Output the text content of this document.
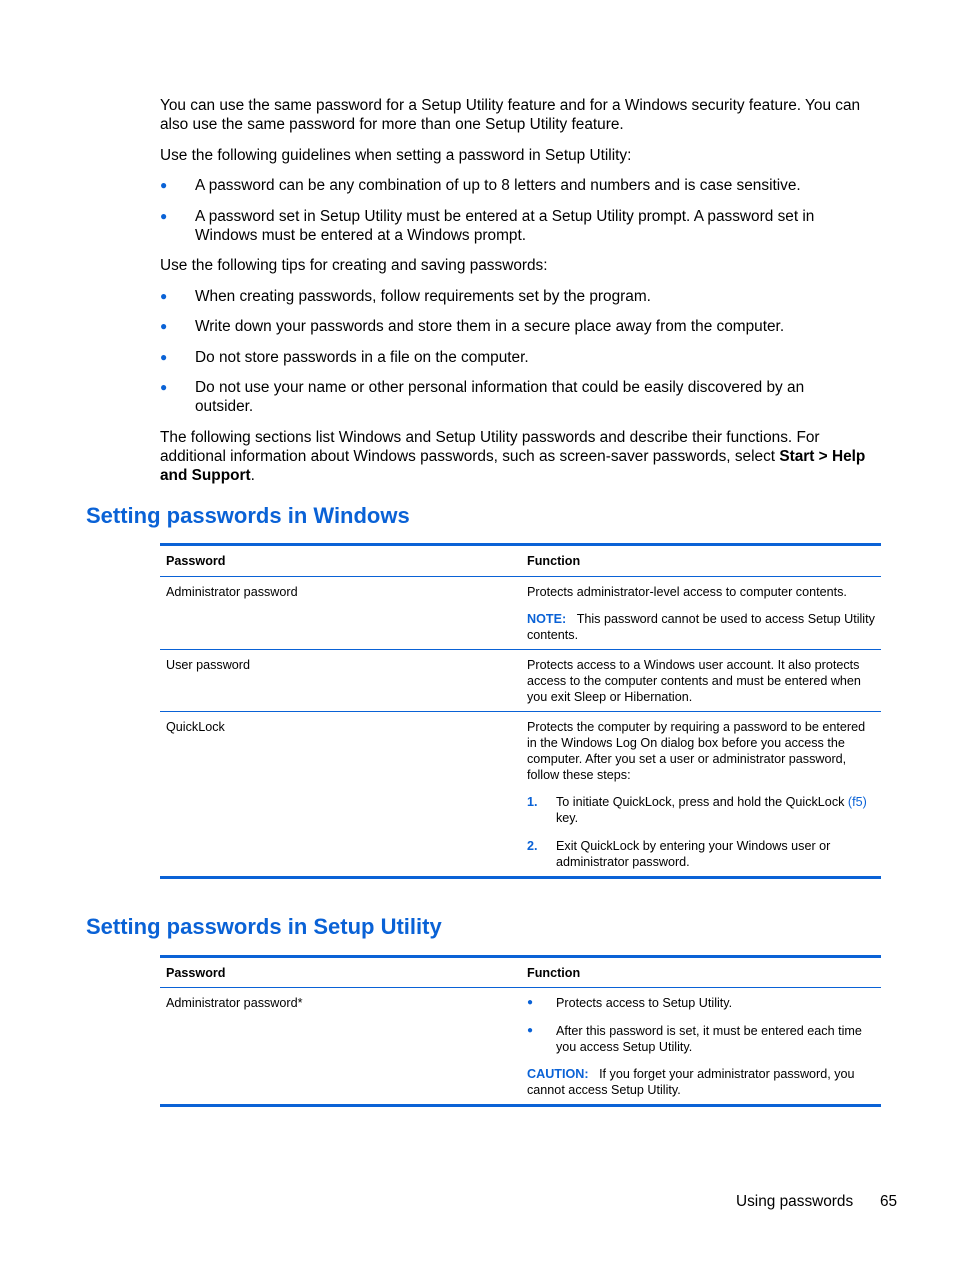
You can use the same password for a Setup Utility feature and for a Windows security feature. You can also use the same password for more than one Setup Utility feature.

Use the following guidelines when setting a password in Setup Utility:

● A password can be any combination of up to 8 letters and numbers and is case sensitive.
● A password set in Setup Utility must be entered at a Setup Utility prompt. A password set in Windows must be entered at a Windows prompt.

Use the following tips for creating and saving passwords:

● When creating passwords, follow requirements set by the program.
● Write down your passwords and store them in a secure place away from the computer.
● Do not store passwords in a file on the computer.
● Do not use your name or other personal information that could be easily discovered by an outsider.

The following sections list Windows and Setup Utility passwords and describe their functions. For additional information about Windows passwords, such as screen-saver passwords, select Start > Help and Support.

Setting passwords in Windows
Password	Function
Administrator password	Protects administrator-level access to computer contents.
NOTE: This password cannot be used to access Setup Utility contents.
User password	Protects access to a Windows user account. It also protects access to the computer contents and must be entered when you exit Sleep or Hibernation.
QuickLock	Protects the computer by requiring a password to be entered in the Windows Log On dialog box before you access the computer. After you set a user or administrator password, follow these steps:
1. To initiate QuickLock, press and hold the QuickLock (f5) key.
2. Exit QuickLock by entering your Windows user or administrator password.
Setting passwords in Setup Utility
Password	Function
Administrator password*	● Protects access to Setup Utility.
● After this password is set, it must be entered each time you access Setup Utility.
CAUTION: If you forget your administrator password, you cannot access Setup Utility.
Using passwords 65
